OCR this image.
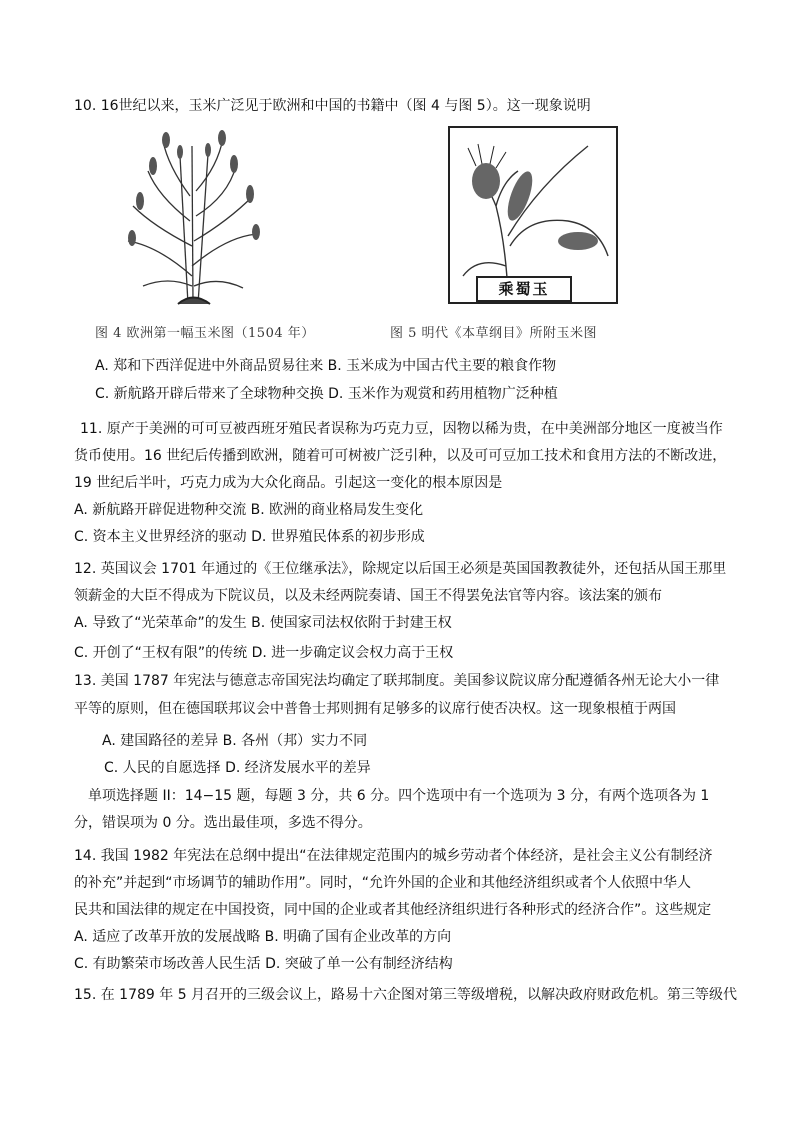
10. 16世纪以来，玉米广泛见于欧洲和中国的书籍中（图 4 与图 5）。这一现象说明
乘蜀玉
图 4 欧洲第一幅玉米图（1504 年）	图 5 明代《本草纲目》所附玉米图
A. 郑和下西洋促进中外商品贸易往来 B. 玉米成为中国古代主要的粮食作物
C. 新航路开辟后带来了全球物种交换 D. 玉米作为观赏和药用植物广泛种植
11. 原产于美洲的可可豆被西班牙殖民者误称为巧克力豆，因物以稀为贵，在中美洲部分地区一度被当作
货币使用。16 世纪后传播到欧洲，随着可可树被广泛引种，以及可可豆加工技术和食用方法的不断改进，
19 世纪后半叶，巧克力成为大众化商品。引起这一变化的根本原因是
A. 新航路开辟促进物种交流 B. 欧洲的商业格局发生变化
C. 资本主义世界经济的驱动 D. 世界殖民体系的初步形成
12. 英国议会 1701 年通过的《王位继承法》，除规定以后国王必须是英国国教教徒外，还包括从国王那里
领薪金的大臣不得成为下院议员，以及未经两院奏请、国王不得罢免法官等内容。该法案的颁布
A. 导致了“光荣革命”的发生 B. 使国家司法权依附于封建王权
C. 开创了“王权有限”的传统 D. 进一步确定议会权力高于王权
13. 美国 1787 年宪法与德意志帝国宪法均确定了联邦制度。美国参议院议席分配遵循各州无论大小一律
平等的原则，但在德国联邦议会中普鲁士邦则拥有足够多的议席行使否决权。这一现象根植于两国
A. 建国路径的差异 B. 各州（邦）实力不同
C. 人民的自愿选择 D. 经济发展水平的差异
单项选择题 II：14−15 题，每题 3 分，共 6 分。四个选项中有一个选项为 3 分，有两个选项各为 1
分，错误项为 0 分。选出最佳项，多选不得分。
14. 我国 1982 年宪法在总纲中提出“在法律规定范围内的城乡劳动者个体经济，是社会主义公有制经济
的补充”并起到“市场调节的辅助作用”。同时，“允许外国的企业和其他经济组织或者个人依照中华人
民共和国法律的规定在中国投资，同中国的企业或者其他经济组织进行各种形式的经济合作”。这些规定
A. 适应了改革开放的发展战略 B. 明确了国有企业改革的方向
C. 有助繁荣市场改善人民生活 D. 突破了单一公有制经济结构
15. 在 1789 年 5 月召开的三级会议上，路易十六企图对第三等级增税，以解决政府财政危机。第三等级代
